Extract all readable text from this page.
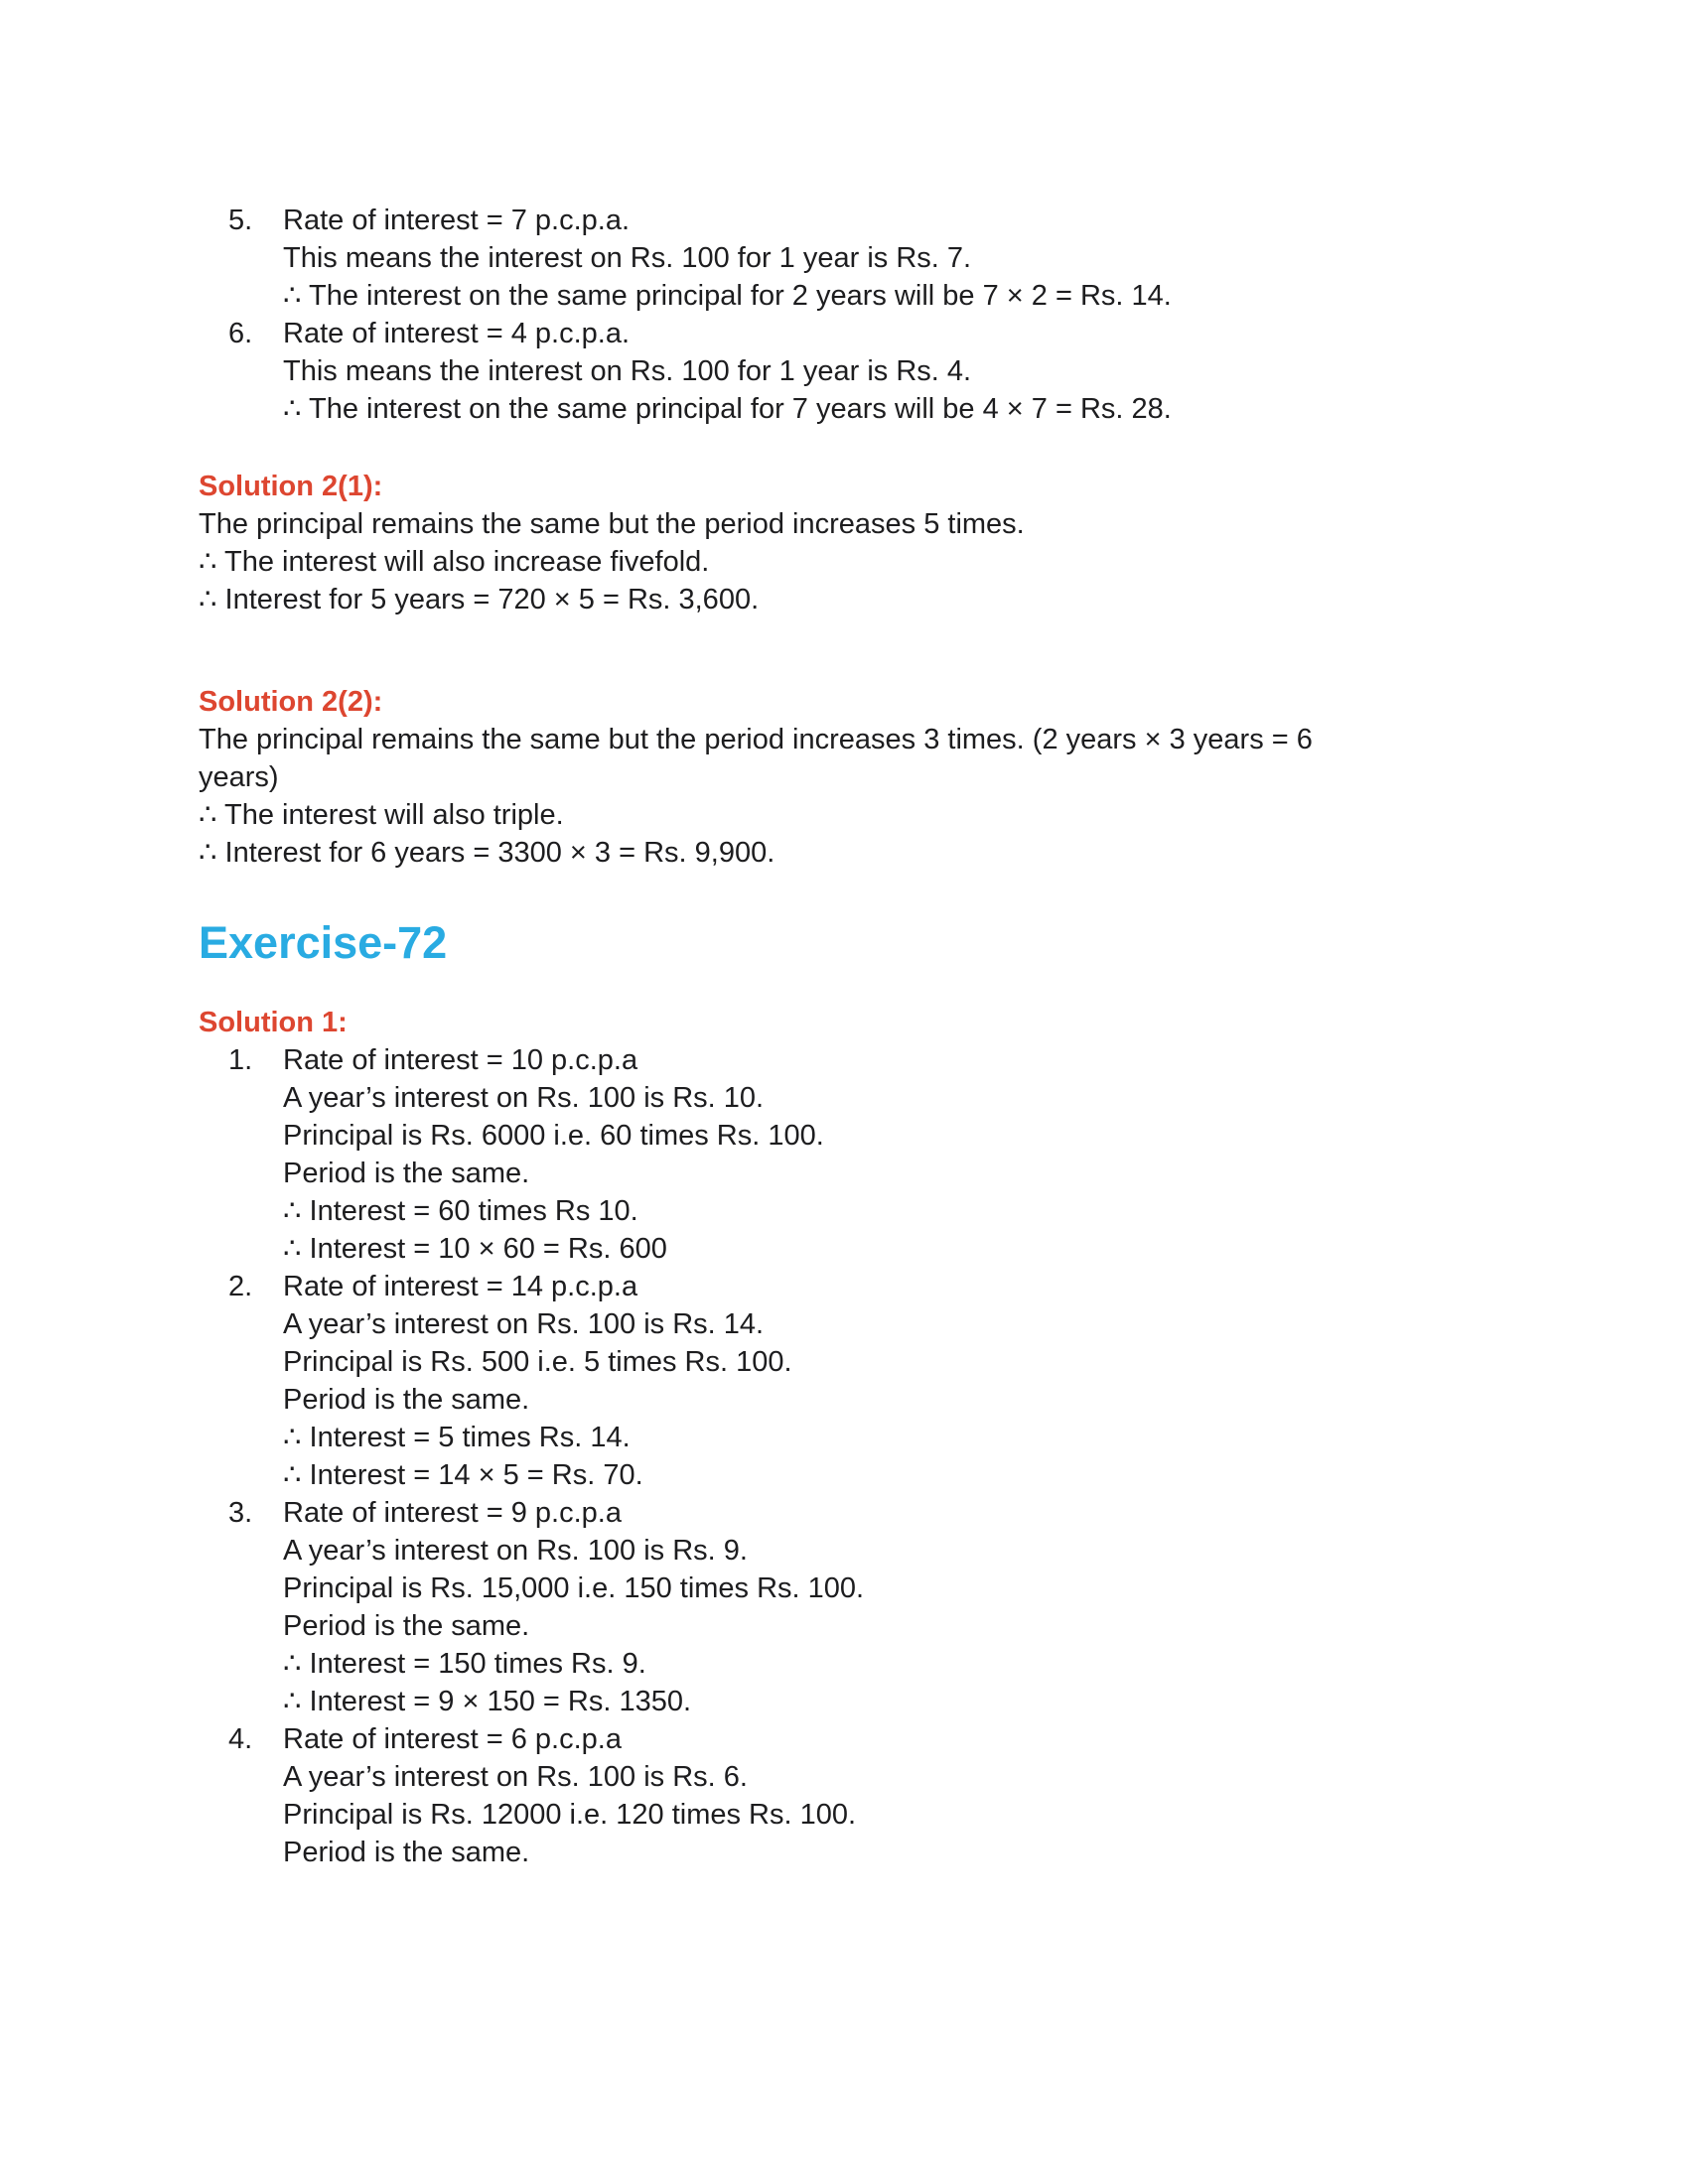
5.	Rate of interest = 7 p.c.p.a.
This means the interest on Rs. 100 for 1 year is Rs. 7.
∴ The interest on the same principal for 2 years will be 7 × 2 = Rs. 14.
6.	Rate of interest = 4 p.c.p.a.
This means the interest on Rs. 100 for 1 year is Rs. 4.
∴ The interest on the same principal for 7 years will be 4 × 7 = Rs. 28.
Solution 2(1):
The principal remains the same but the period increases 5 times.
∴ The interest will also increase fivefold.
∴ Interest for 5 years = 720 × 5 = Rs. 3,600.
Solution 2(2):
The principal remains the same but the period increases 3 times. (2 years × 3 years = 6
years)
∴ The interest will also triple.
∴ Interest for 6 years = 3300 × 3 = Rs. 9,900.
Exercise-72
Solution 1:
1.	Rate of interest = 10 p.c.p.a
A year’s interest on Rs. 100 is Rs. 10.
Principal is Rs. 6000 i.e. 60 times Rs. 100.
Period is the same.
∴ Interest = 60 times Rs 10.
∴ Interest = 10 × 60 = Rs. 600
2.	Rate of interest = 14 p.c.p.a
A year’s interest on Rs. 100 is Rs. 14.
Principal is Rs. 500 i.e. 5 times Rs. 100.
Period is the same.
∴ Interest = 5 times Rs. 14.
∴ Interest = 14 × 5 = Rs. 70.
3.	Rate of interest = 9 p.c.p.a
A year’s interest on Rs. 100 is Rs. 9.
Principal is Rs. 15,000 i.e. 150 times Rs. 100.
Period is the same.
∴ Interest = 150 times Rs. 9.
∴ Interest = 9 × 150 = Rs. 1350.
4.	Rate of interest = 6 p.c.p.a
A year’s interest on Rs. 100 is Rs. 6.
Principal is Rs. 12000 i.e. 120 times Rs. 100.
Period is the same.
